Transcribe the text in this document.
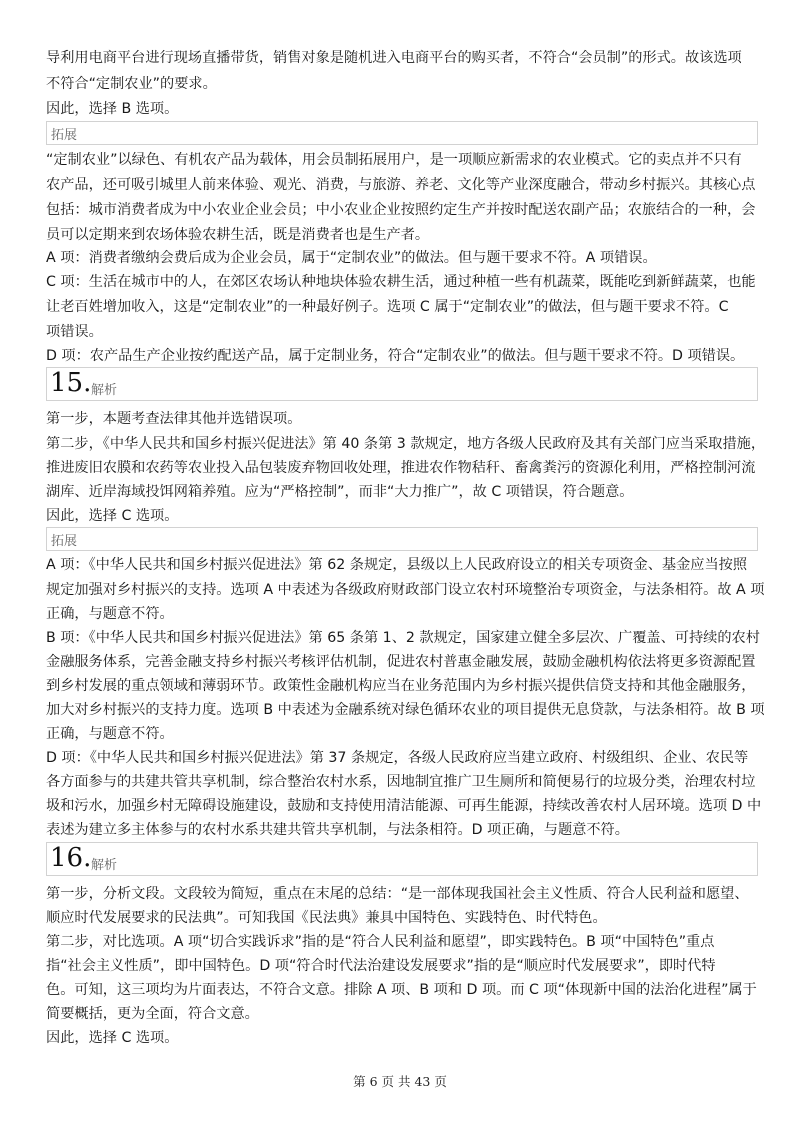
导利用电商平台进行现场直播带货，销售对象是随机进入电商平台的购买者，不符合“会员制”的形式。故该选项
不符合“定制农业”的要求。
因此，选择 B 选项。
拓展
“定制农业”以绿色、有机农产品为载体，用会员制拓展用户，是一项顺应新需求的农业模式。它的卖点并不只有
农产品，还可吸引城里人前来体验、观光、消费，与旅游、养老、文化等产业深度融合，带动乡村振兴。其核心点
包括：城市消费者成为中小农业企业会员；中小农业企业按照约定生产并按时配送农副产品；农旅结合的一种，会
员可以定期来到农场体验农耕生活，既是消费者也是生产者。
A 项：消费者缴纳会费后成为企业会员，属于“定制农业”的做法。但与题干要求不符。A 项错误。
C 项：生活在城市中的人，在郊区农场认种地块体验农耕生活，通过种植一些有机蔬菜，既能吃到新鲜蔬菜，也能
让老百姓增加收入，这是“定制农业”的一种最好例子。选项 C 属于“定制农业”的做法，但与题干要求不符。C
项错误。
D 项：农产品生产企业按约配送产品，属于定制业务，符合“定制农业”的做法。但与题干要求不符。D 项错误。
15. 解析
第一步，本题考查法律其他并选错误项。
第二步，《中华人民共和国乡村振兴促进法》第 40 条第 3 款规定，地方各级人民政府及其有关部门应当采取措施，
推进废旧农膜和农药等农业投入品包装废弃物回收处理，推进农作物秸秆、畜禽粪污的资源化利用，严格控制河流
湖库、近岸海域投饵网箱养殖。应为“严格控制”，而非“大力推广”，故 C 项错误，符合题意。
因此，选择 C 选项。
拓展
A 项：《中华人民共和国乡村振兴促进法》第 62 条规定，县级以上人民政府设立的相关专项资金、基金应当按照
规定加强对乡村振兴的支持。选项 A 中表述为各级政府财政部门设立农村环境整治专项资金，与法条相符。故 A 项
正确，与题意不符。
B 项：《中华人民共和国乡村振兴促进法》第 65 条第 1、2 款规定，国家建立健全多层次、广覆盖、可持续的农村
金融服务体系，完善金融支持乡村振兴考核评估机制，促进农村普惠金融发展，鼓励金融机构依法将更多资源配置
到乡村发展的重点领域和薄弱环节。政策性金融机构应当在业务范围内为乡村振兴提供信贷支持和其他金融服务，
加大对乡村振兴的支持力度。选项 B 中表述为金融系统对绿色循环农业的项目提供无息贷款，与法条相符。故 B 项
正确，与题意不符。
D 项：《中华人民共和国乡村振兴促进法》第 37 条规定，各级人民政府应当建立政府、村级组织、企业、农民等
各方面参与的共建共管共享机制，综合整治农村水系，因地制宜推广卫生厕所和简便易行的垃圾分类，治理农村垃
圾和污水，加强乡村无障碍设施建设，鼓励和支持使用清洁能源、可再生能源，持续改善农村人居环境。选项 D 中
表述为建立多主体参与的农村水系共建共管共享机制，与法条相符。D 项正确，与题意不符。
16. 解析
第一步，分析文段。文段较为简短，重点在末尾的总结：“是一部体现我国社会主义性质、符合人民利益和愿望、
顺应时代发展要求的民法典”。可知我国《民法典》兼具中国特色、实践特色、时代特色。
第二步，对比选项。A 项“切合实践诉求”指的是“符合人民利益和愿望”，即实践特色。B 项“中国特色”重点
指“社会主义性质”，即中国特色。D 项“符合时代法治建设发展要求”指的是“顺应时代发展要求”，即时代特
色。可知，这三项均为片面表达，不符合文意。排除 A 项、B 项和 D 项。而 C 项“体现新中国的法治化进程”属于
简要概括，更为全面，符合文意。
因此，选择 C 选项。
第 6 页 共 43 页
